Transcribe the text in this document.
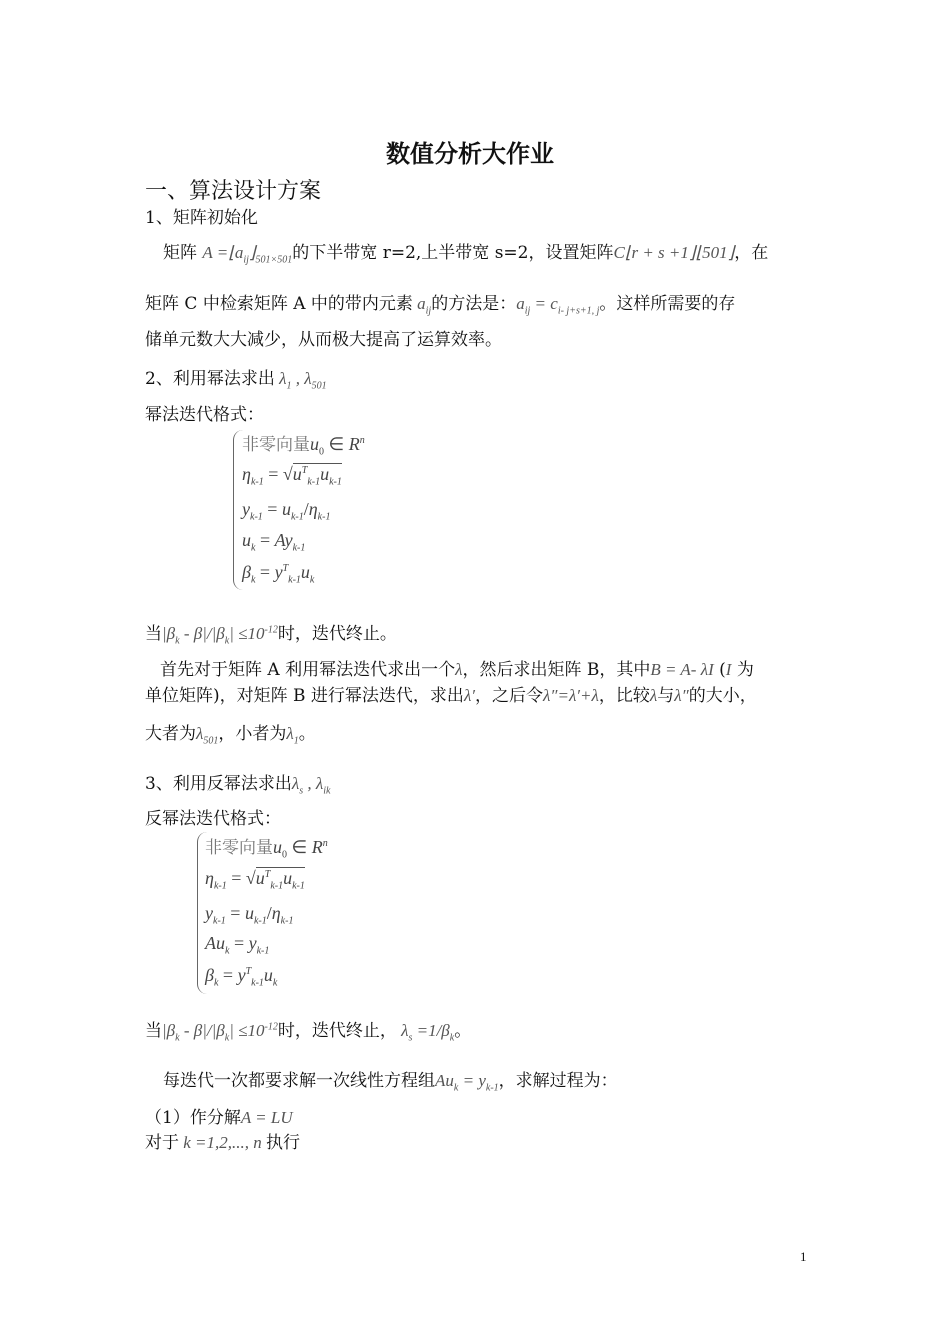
数值分析大作业
一、算法设计方案
1、矩阵初始化
矩阵 $A =⌊a_{ij}⌋_{501\times 501}$的下半带宽 r=2,上半带宽 s=2，设置矩阵C⌊r + s +1⌋⌊501⌋，在
矩阵 C 中检索矩阵 A 中的带内元素 $a_{ij}$的方法是：$a_{ij} = c_{i- j+s+1, j}$。这样所需要的存
储单元数大大减少，从而极大提高了运算效率。
2、利用幂法求出 $\lambda_1$ , $\lambda_{501}$
幂法迭代格式：
非零向量$u_0$ ∈ $R^n$
$\eta_{k-1} = √u^T_{k-1}u_{k-1}$
$y_{k-1} = u_{k-1}/\eta_{k-1}$
$u_k = Ay_{k-1}$
$\beta_k = y^T_{k-1}u_k$
当$|\beta_k - \beta|/|\beta_k| \le 10^{-12}$时，迭代终止。
首先对于矩阵 A 利用幂法迭代求出一个λ，然后求出矩阵 B，其中B = A- λI (I 为
单位矩阵)，对矩阵 B 进行幂法迭代，求出λ′，之后令λ″=λ′+λ，比较λ与λ″的大小，
大者为$\lambda_{501}$，小者为$\lambda_1$。
3、利用反幂法求出$\lambda_s$ , $\lambda_{ik}$
反幂法迭代格式：
非零向量$u_0$ ∈ $R^n$
$\eta_{k-1} = √u^T_{k-1}u_{k-1}$
$y_{k-1} = u_{k-1}/\eta_{k-1}$
$Au_k = y_{k-1}$
$\beta_k = y^T_{k-1}u_k$
当$|\beta_k - \beta|/|\beta_k| \le 10^{-12}$时，迭代终止， $\lambda_s =1/\beta_k$。
每迭代一次都要求解一次线性方程组$Au_k = y_{k-1}$，求解过程为：
（1）作分解A = LU
对于 k =1,2,..., n 执行
1
